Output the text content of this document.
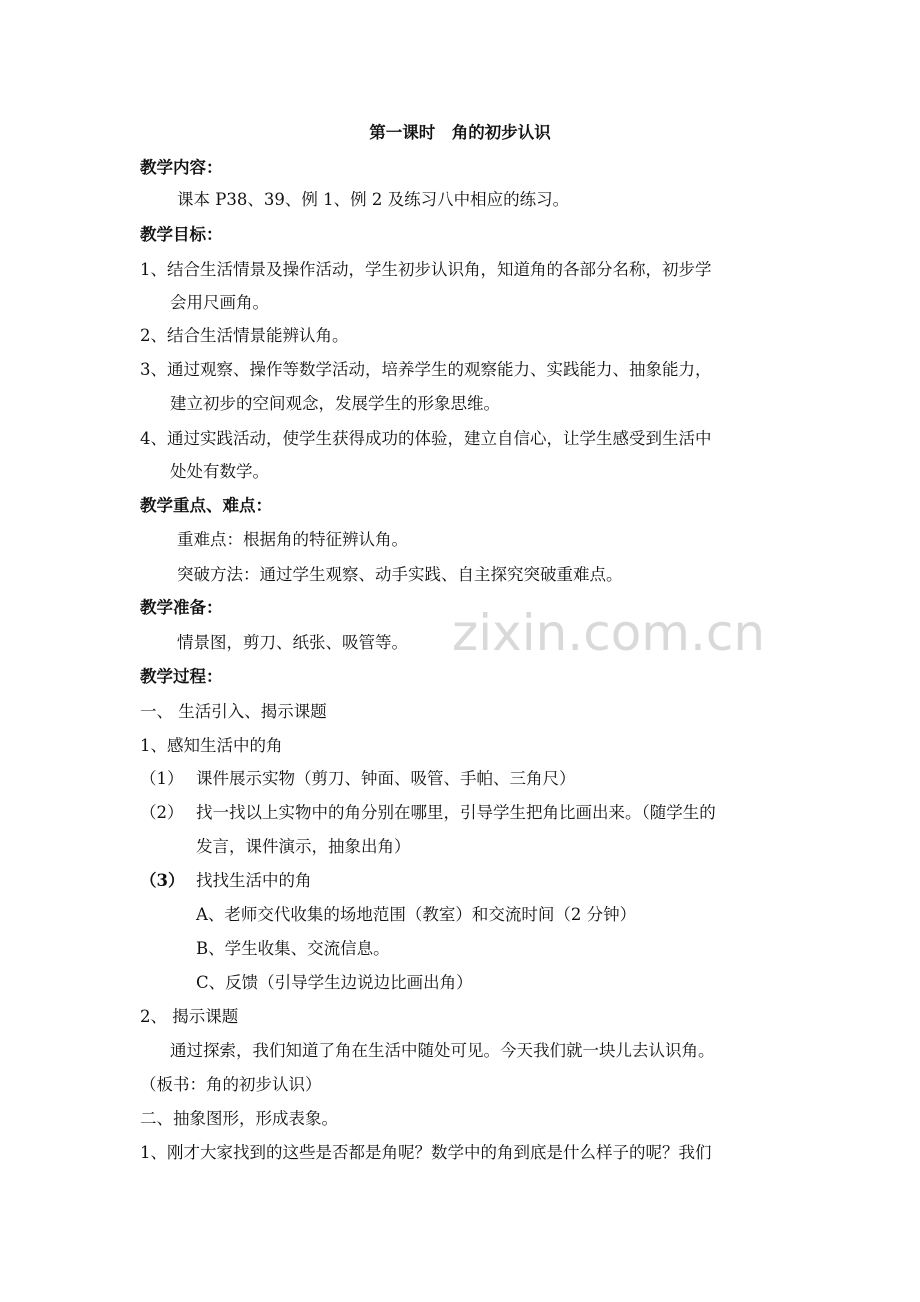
第一课时　角的初步认识
教学内容：
课本 P38、39、例 1、例 2 及练习八中相应的练习。
教学目标：
1、结合生活情景及操作活动，学生初步认识角，知道角的各部分名称，初步学
会用尺画角。
2、结合生活情景能辨认角。
3、通过观察、操作等数学活动，培养学生的观察能力、实践能力、抽象能力，
建立初步的空间观念，发展学生的形象思维。
4、通过实践活动，使学生获得成功的体验，建立自信心，让学生感受到生活中
处处有数学。
教学重点、难点：
重难点：根据角的特征辨认角。
突破方法：通过学生观察、动手实践、自主探究突破重难点。
教学准备：
情景图，剪刀、纸张、吸管等。
教学过程：
一、 生活引入、揭示课题
1、感知生活中的角
（1） 课件展示实物（剪刀、钟面、吸管、手帕、三角尺）
（2） 找一找以上实物中的角分别在哪里，引导学生把角比画出来。（随学生的
发言，课件演示，抽象出角）
（3） 找找生活中的角
A、老师交代收集的场地范围（教室）和交流时间（2 分钟）
B、学生收集、交流信息。
C、反馈（引导学生边说边比画出角）
2、 揭示课题
通过探索，我们知道了角在生活中随处可见。今天我们就一块儿去认识角。
（板书：角的初步认识）
二、抽象图形，形成表象。
1、刚才大家找到的这些是否都是角呢？数学中的角到底是什么样子的呢？我们
zixin.com.cn
